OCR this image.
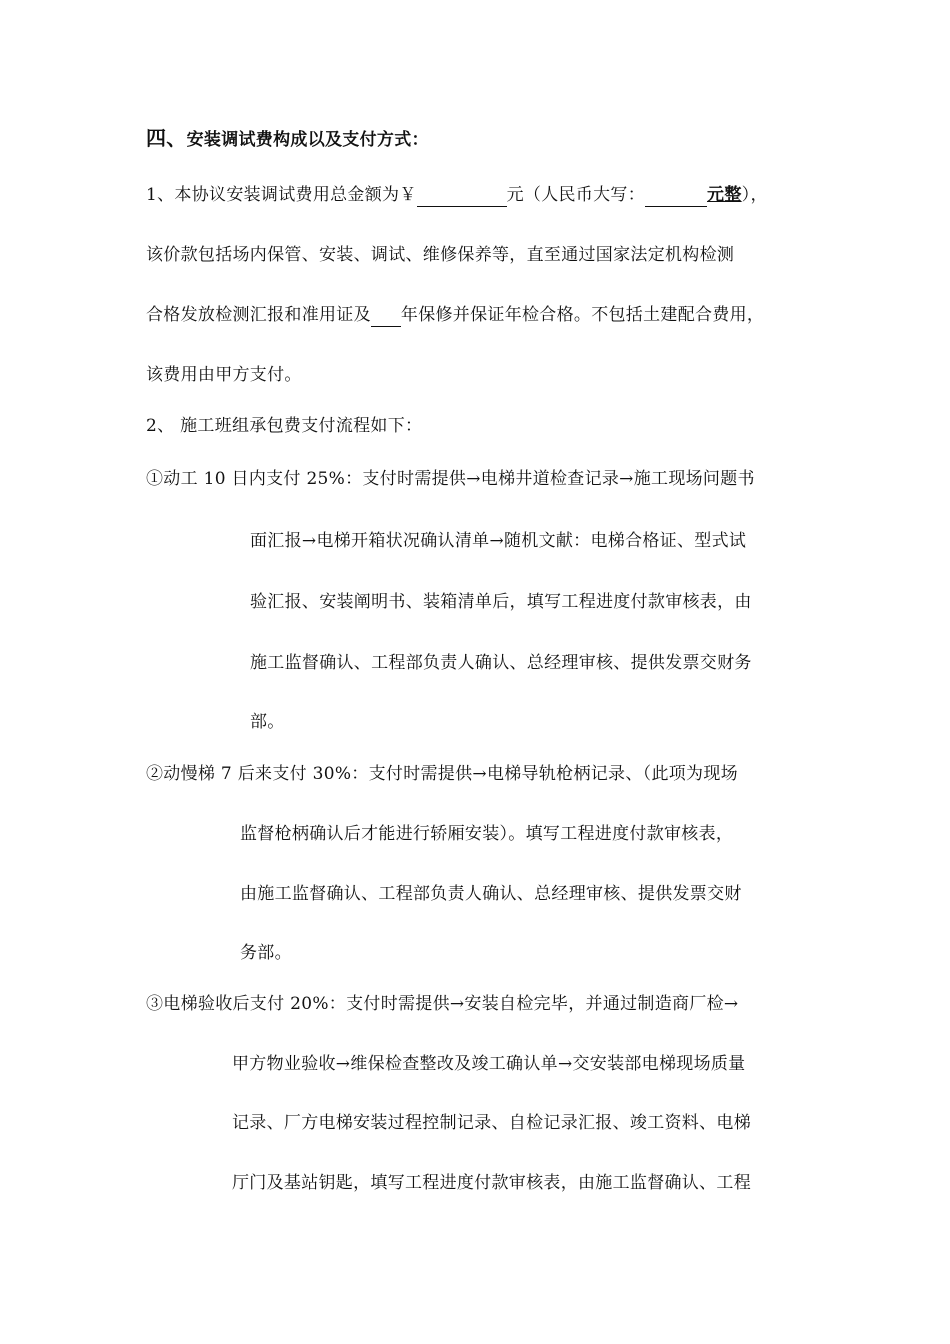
四、安装调试费构成以及支付方式：
1、本协议安装调试费用总金额为￥	元（人民币大写：	元整），
该价款包括场内保管、安装、调试、维修保养等，直至通过国家法定机构检测
合格发放检测汇报和准用证及 年保修并保证年检合格。不包括土建配合费用，
该费用由甲方支付。
2、 施工班组承包费支付流程如下：
①动工 10 日内支付 25%：支付时需提供→电梯井道检查记录→施工现场问题书
面汇报→电梯开箱状况确认清单→随机文献：电梯合格证、型式试
验汇报、安装阐明书、装箱清单后，填写工程进度付款审核表，由
施工监督确认、工程部负责人确认、总经理审核、提供发票交财务
部。
②动慢梯 7 后来支付 30%：支付时需提供→电梯导轨枪柄记录、（此项为现场
监督枪柄确认后才能进行轿厢安装）。填写工程进度付款审核表，
由施工监督确认、工程部负责人确认、总经理审核、提供发票交财
务部。
③电梯验收后支付 20%：支付时需提供→安装自检完毕，并通过制造商厂检→
甲方物业验收→维保检查整改及竣工确认单→交安装部电梯现场质量
记录、厂方电梯安装过程控制记录、自检记录汇报、竣工资料、电梯
厅门及基站钥匙，填写工程进度付款审核表，由施工监督确认、工程
